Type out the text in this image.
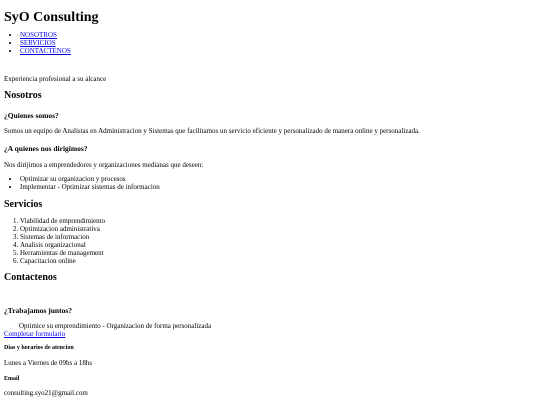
SyO Consulting
• NOSOTROS
• SERVICIOS
• CONTACTENOS

Experiencia profesional a su alcance

Nosotros
¿Quienes somos?

Somos un equipo de Analistas en Administracion y Sistemas que facilitamos un servicio eficiente y personalizado de manera online y personalizada.

¿A quienes nos dirigimos?

Nos dirijimos a emprendedores y organizaciones medianas que deseen:

• Optimizar su organizacion y procesos
• Implementar - Optimizar sistemas de informacion
Servicios
1. Viabilidad de emprendimiento
2. Optimizacion administrativa
3. Sistemas de informacion
4. Analisis organizacional
5. Herramientas de management
6. Capacitacion online
Contactenos
¿Trabajamos juntos?

Optimice su emprendimiento - Organizacion de forma personalizada

Completar formulario
Dias y horarios de atencion

Lunes a Viernes de 09hs a 18hs

Email

consulting.syo21@gmail.com
